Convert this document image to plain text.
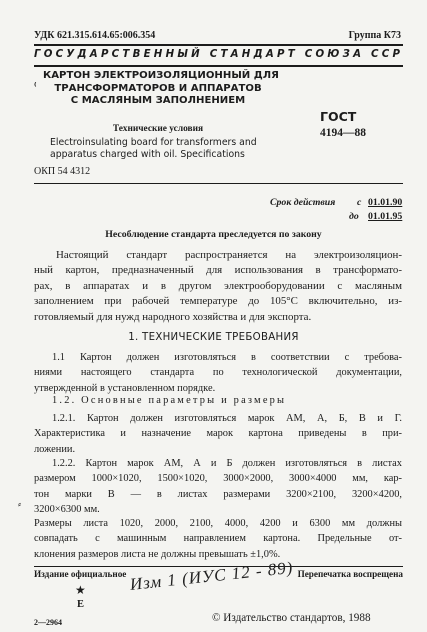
УДК 621.315.614.65:006.354	Группа К73
ГОСУДАРСТВЕННЫЙ СТАНДАРТ СОЮЗА ССР
⁽
КАРТОН ЭЛЕКТРОИЗОЛЯЦИОННЫЙ ДЛЯ
ТРАНСФОРМАТОРОВ И АППАРАТОВ
С МАСЛЯНЫМ ЗАПОЛНЕНИЕМ
Технические условия
Electroinsulating board for transformers and
apparatus charged with oil. Specifications
ГОСТ
4194—88
ОКП 54 4312
Срок действия с 01.01.90
до 01.01.95
Несоблюдение стандарта преследуется по закону
Настоящий стандарт распространяется на электроизоляцион-
ный картон, предназначенный для использования в трансформато-
рах, в аппаратах и в другом электрооборудовании с масляным
заполнением при рабочей температуре до 105°С включительно, из-
готовляемый для нужд народного хозяйства и для экспорта.
1. ТЕХНИЧЕСКИЕ ТРЕБОВАНИЯ
1.1 Картон должен изготовляться в соответствии с требова-
ниями настоящего стандарта по технологической документации,
утвержденной в установленном порядке.
1.2. Основные параметры и размеры
1.2.1. Картон должен изготовляться марок АМ, А, Б, В и Г.
Характеристика и назначение марок картона приведены в при-
ложении.
1.2.2. Картон марок АМ, А и Б должен изготовляться в листах
размером 1000×1020, 1500×1020, 3000×2000, 3000×4000 мм, кар-
тон марки В — в листах размерами 3200×2100, 3200×4200,
3200×6300 мм.
⸗
Размеры листа 1020, 2000, 2100, 4000, 4200 и 6300 мм должны
совпадать с машинным направлением картона. Предельные от-
клонения размеров листа не должны превышать ±1,0%.
Издание официальное	Перепечатка воспрещена
★
Е
Изм 1 (ИУС 12 - 89)
© Издательство стандартов, 1988
2—2964
